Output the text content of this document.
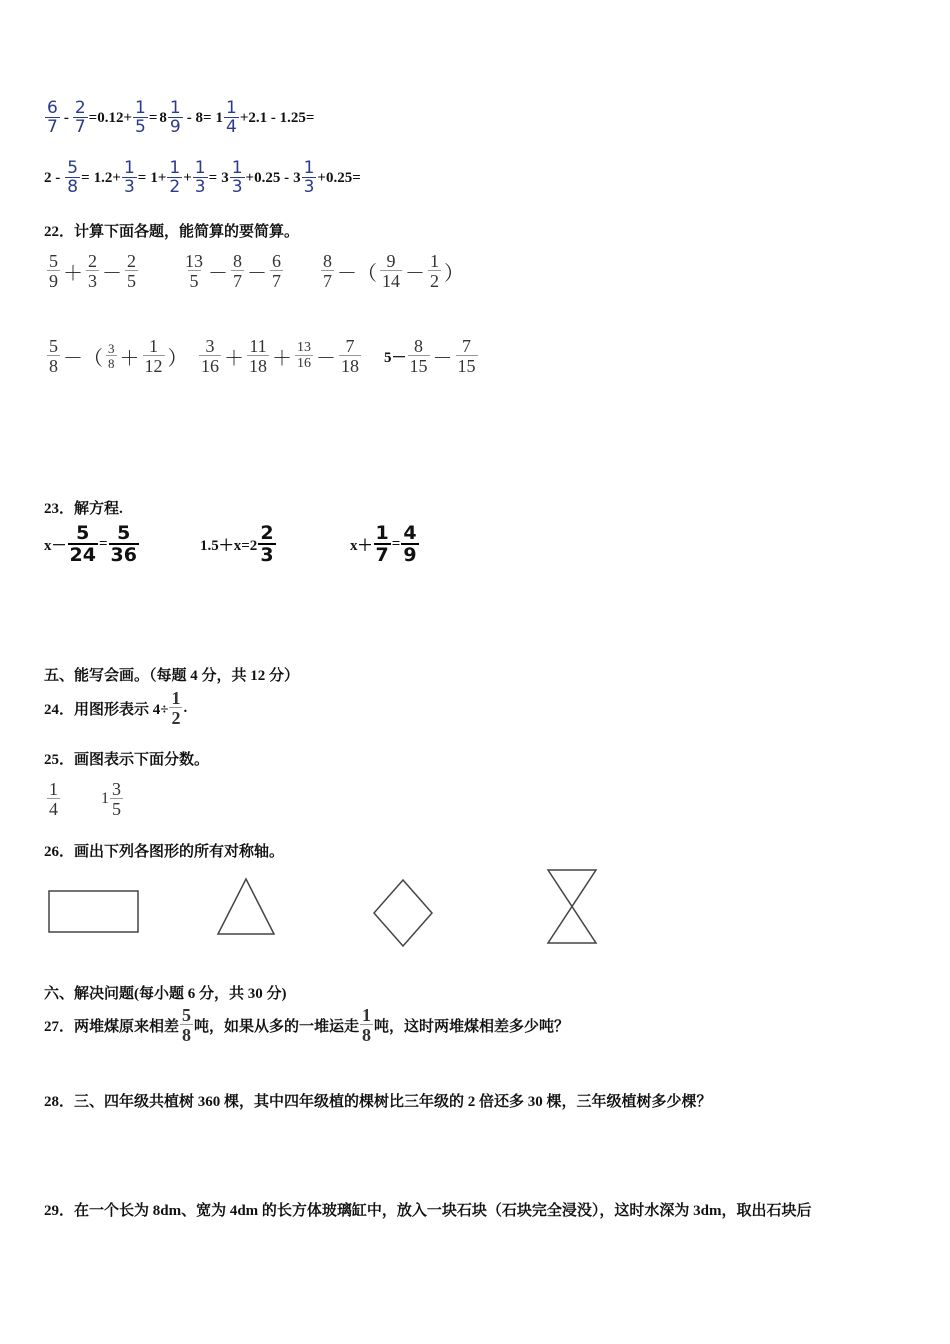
$\frac{6}{7} - \frac{2}{7} = 0.12+ \frac{1}{5} = 8 \frac{1}{9} - 8= 1 \frac{1}{4} +2.1 - 1.25=$
$2 - \frac{5}{8} = 1.2+ \frac{1}{3} = 1+ \frac{1}{2} + \frac{1}{3} = 3 \frac{1}{3} +0.25 - 3 \frac{1}{3} +0.25=$
22．计算下面各题，能简算的要简算。
$\frac{5}{9} + \frac{2}{3} - \frac{2}{5}$	$\frac{13}{5} - \frac{8}{7} - \frac{6}{7} \frac{8}{7}$ －（ $\frac{9}{14} - \frac{1}{2}$ ）
$\frac{5}{8}$ －（ $\frac{3}{8} + \frac{1}{12}$ ） $\frac{3}{16} + \frac{11}{18} + \frac{13}{16} - \frac{7}{18} 5- \frac{8}{15} - \frac{7}{15}$
23．解方程.
$x- \frac{5}{24} = \frac{5}{36}$	$1.5+x=2 \frac{2}{3}$	$x+ \frac{1}{7} = \frac{4}{9}$
五、能写会画。（每题 4 分，共 12 分）
24．用图形表示 $4\div \frac{1}{2}$ .
25．画图表示下面分数。
$\frac{1}{4}$	$1 \frac{3}{5}$
26．画出下列各图形的所有对称轴。
六、解决问题(每小题 6 分，共 30 分)
27．两堆煤原来相差 $\frac{5}{8}$ 吨，如果从多的一堆运走 $\frac{1}{8}$ 吨，这时两堆煤相差多少吨？
28．三、四年级共植树 360 棵，其中四年级植的棵树比三年级的 2 倍还多 30 棵，三年级植树多少棵？
29．在一个长为 8dm、宽为 4dm 的长方体玻璃缸中，放入一块石块（石块完全浸没），这时水深为 3dm，取出石块后
